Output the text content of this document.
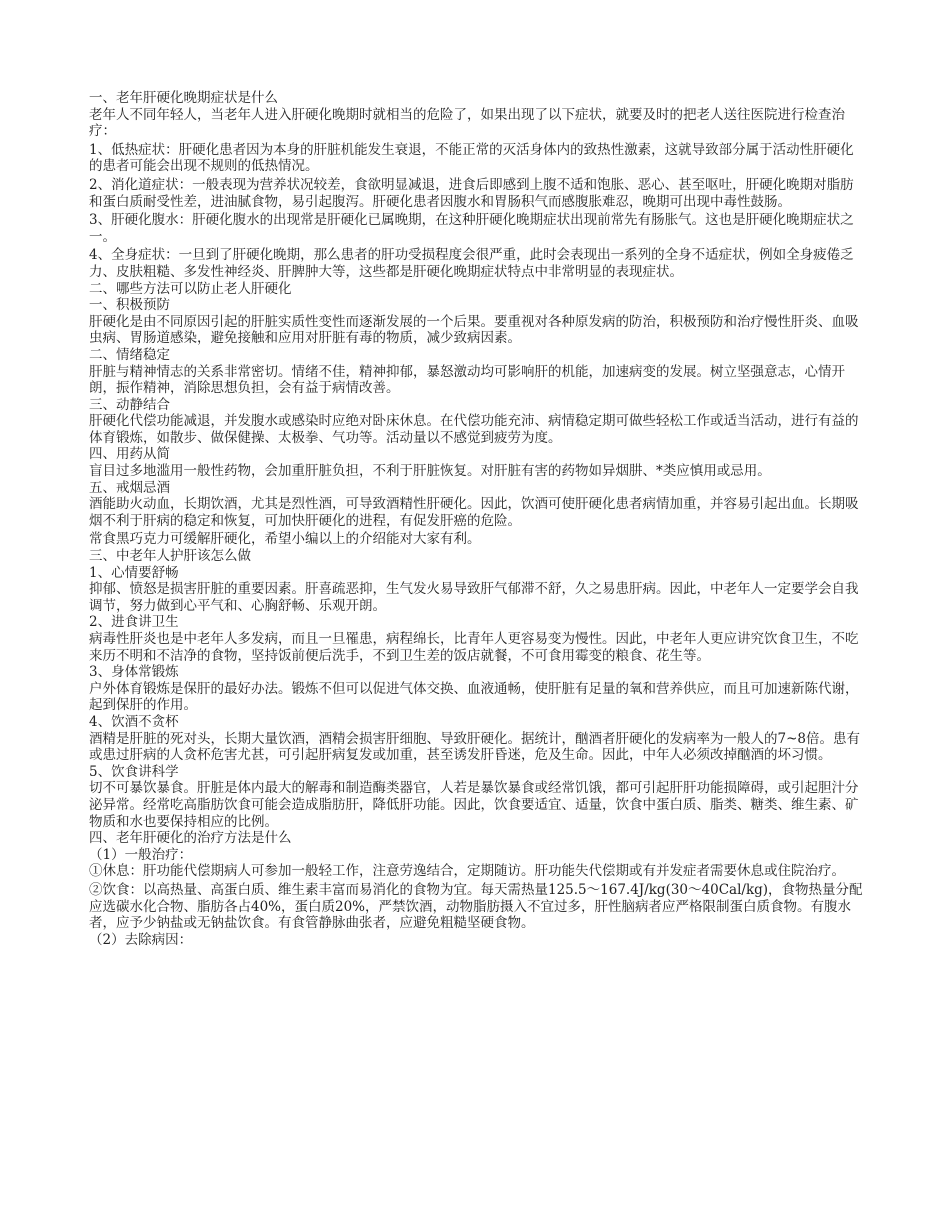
一、老年肝硬化晚期症状是什么

老年人不同年轻人，当老年人进入肝硬化晚期时就相当的危险了，如果出现了以下症状，就要及时的把老人送往医院进行检查治疗：

1、低热症状：肝硬化患者因为本身的肝脏机能发生衰退，不能正常的灭活身体内的致热性激素，这就导致部分属于活动性肝硬化的患者可能会出现不规则的低热情况。

2、消化道症状：一般表现为营养状况较差，食欲明显减退，进食后即感到上腹不适和饱胀、恶心、甚至呕吐，肝硬化晚期对脂肪和蛋白质耐受性差，进油腻食物，易引起腹泻。肝硬化患者因腹水和胃肠积气而感腹胀难忍，晚期可出现中毒性鼓肠。

3、肝硬化腹水：肝硬化腹水的出现常是肝硬化已属晚期，在这种肝硬化晚期症状出现前常先有肠胀气。这也是肝硬化晚期症状之一。

4、全身症状：一旦到了肝硬化晚期，那么患者的肝功受损程度会很严重，此时会表现出一系列的全身不适症状，例如全身疲倦乏力、皮肤粗糙、多发性神经炎、肝脾肿大等，这些都是肝硬化晚期症状特点中非常明显的表现症状。

二、哪些方法可以防止老人肝硬化

一、积极预防

肝硬化是由不同原因引起的肝脏实质性变性而逐渐发展的一个后果。要重视对各种原发病的防治，积极预防和治疗慢性肝炎、血吸虫病、胃肠道感染，避免接触和应用对肝脏有毒的物质，减少致病因素。

二、情绪稳定

肝脏与精神情志的关系非常密切。情绪不佳，精神抑郁，暴怒激动均可影响肝的机能，加速病变的发展。树立坚强意志，心情开朗，振作精神，消除思想负担，会有益于病情改善。

三、动静结合

肝硬化代偿功能减退，并发腹水或感染时应绝对卧床休息。在代偿功能充沛、病情稳定期可做些轻松工作或适当活动，进行有益的体育锻炼，如散步、做保健操、太极拳、气功等。活动量以不感觉到疲劳为度。

四、用药从简

盲目过多地滥用一般性药物，会加重肝脏负担，不利于肝脏恢复。对肝脏有害的药物如异烟肼、*类应慎用或忌用。

五、戒烟忌酒

酒能助火动血，长期饮酒，尤其是烈性酒，可导致酒精性肝硬化。因此，饮酒可使肝硬化患者病情加重，并容易引起出血。长期吸烟不利于肝病的稳定和恢复，可加快肝硬化的进程，有促发肝癌的危险。

常食黑巧克力可缓解肝硬化，希望小编以上的介绍能对大家有利。

三、中老年人护肝该怎么做

1、心情要舒畅

抑郁、愤怒是损害肝脏的重要因素。肝喜疏恶抑，生气发火易导致肝气郁滞不舒，久之易患肝病。因此，中老年人一定要学会自我调节，努力做到心平气和、心胸舒畅、乐观开朗。

2、进食讲卫生

病毒性肝炎也是中老年人多发病，而且一旦罹患，病程绵长，比青年人更容易变为慢性。因此，中老年人更应讲究饮食卫生，不吃来历不明和不洁净的食物，坚持饭前便后洗手，不到卫生差的饭店就餐，不可食用霉变的粮食、花生等。

3、身体常锻炼

户外体育锻炼是保肝的最好办法。锻炼不但可以促进气体交换、血液通畅，使肝脏有足量的氧和营养供应，而且可加速新陈代谢，起到保肝的作用。

4、饮酒不贪杯

酒精是肝脏的死对头，长期大量饮酒，酒精会损害肝细胞、导致肝硬化。据统计，酗酒者肝硬化的发病率为一般人的7~8倍。患有或患过肝病的人贪杯危害尤甚，可引起肝病复发或加重，甚至诱发肝昏迷，危及生命。因此，中年人必须改掉酗酒的坏习惯。

5、饮食讲科学

切不可暴饮暴食。肝脏是体内最大的解毒和制造酶类器官，人若是暴饮暴食或经常饥饿，都可引起肝肝功能损障碍，或引起胆汁分泌异常。经常吃高脂肪饮食可能会造成脂肪肝，降低肝功能。因此，饮食要适宜、适量，饮食中蛋白质、脂类、糖类、维生素、矿物质和水也要保持相应的比例。

四、老年肝硬化的治疗方法是什么

（1）一般治疗：

①休息：肝功能代偿期病人可参加一般轻工作，注意劳逸结合，定期随访。肝功能失代偿期或有并发症者需要休息或住院治疗。

②饮食：以高热量、高蛋白质、维生素丰富而易消化的食物为宜。每天需热量125.5～167.4J/kg(30～40Cal/kg)，食物热量分配应选碳水化合物、脂肪各占40%，蛋白质20%，严禁饮酒，动物脂肪摄入不宜过多，肝性脑病者应严格限制蛋白质食物。有腹水者，应予少钠盐或无钠盐饮食。有食管静脉曲张者，应避免粗糙坚硬食物。

（2）去除病因：
